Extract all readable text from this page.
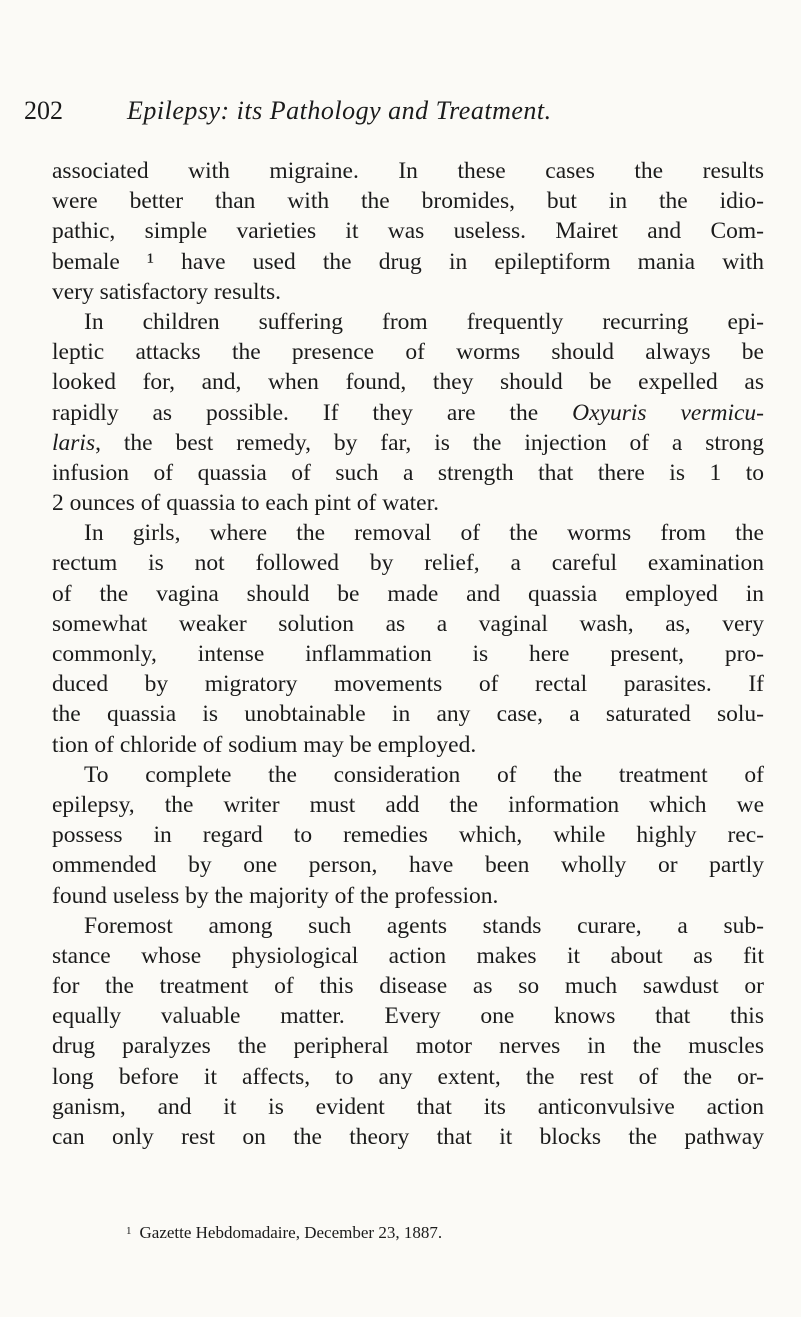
202 Epilepsy: its Pathology and Treatment.
associated with migraine. In these cases the results
were better than with the bromides, but in the idio-
pathic, simple varieties it was useless. Mairet and Com-
bemale ¹ have used the drug in epileptiform mania with
very satisfactory results.
In children suffering from frequently recurring epi-
leptic attacks the presence of worms should always be
looked for, and, when found, they should be expelled as
rapidly as possible. If they are the Oxyuris vermicu-
laris, the best remedy, by far, is the injection of a strong
infusion of quassia of such a strength that there is 1 to
2 ounces of quassia to each pint of water.
In girls, where the removal of the worms from the
rectum is not followed by relief, a careful examination
of the vagina should be made and quassia employed in
somewhat weaker solution as a vaginal wash, as, very
commonly, intense inflammation is here present, pro-
duced by migratory movements of rectal parasites. If
the quassia is unobtainable in any case, a saturated solu-
tion of chloride of sodium may be employed.
To complete the consideration of the treatment of
epilepsy, the writer must add the information which we
possess in regard to remedies which, while highly rec-
ommended by one person, have been wholly or partly
found useless by the majority of the profession.
Foremost among such agents stands curare, a sub-
stance whose physiological action makes it about as fit
for the treatment of this disease as so much sawdust or
equally valuable matter. Every one knows that this
drug paralyzes the peripheral motor nerves in the muscles
long before it affects, to any extent, the rest of the or-
ganism, and it is evident that its anticonvulsive action
can only rest on the theory that it blocks the pathway
$^1$ Gazette Hebdomadaire, December 23, 1887.
